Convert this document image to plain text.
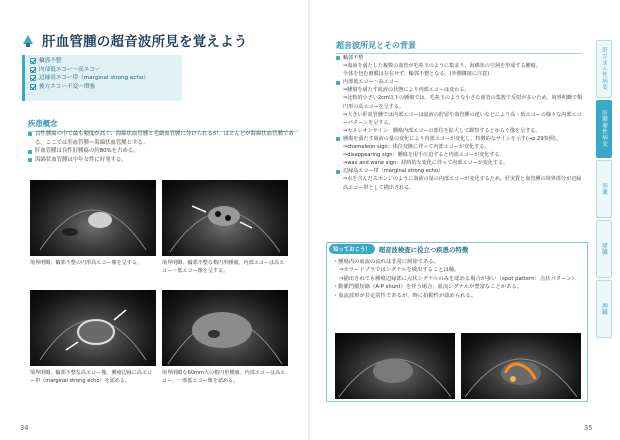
肝血管腫の超音波所見を覚えよう
輪郭不整
内部低エコー〜高エコー
辺縁高エコー帯（marginal strong echo）
後方エコー不変〜増強
疾患概念
良性腫瘍の中で最も頻度が高く、海綿状血管腫と毛細血管腫に分けられるが、ほとんどが海綿状血管腫である。ここでは肝血管腫＝海綿状血管腫とする。
肝血管腫は良性肝腫瘍の約80%を占める。
海綿状血管腫は中年女性に好発する。
境界明瞭、輪郭不整の円形高エコー像を呈する。	境界明瞭、輪郭不整な楕円形腫瘤。内部エコーは高エコー〜低エコー像を呈する。
境界明瞭、輪郭不整な高エコー像。腫瘤辺縁に高エコー帯（marginal strong echo）を認める。
境界明瞭な60mm大の楕円形腫瘤。内部エコーは高エコー。一部低エコー像を認める。
34
超音波所見とその背景
輪郭不整
⇒血液を満たした複数の血管が毛糸玉のように集まり、海綿状の空洞を形成する腫瘍。
全体を包む被膜は存在せず、輪郭不整となる。(外側隣接に注意)
内部低エコー〜高エコー
⇒腫瘍を満たす血液の状態により内部エコーは変わる。
⇒比較的小さい2cm以下の腫瘍では、毛糸玉のような小さな血管の集簇で反射が多いため、境界明瞭で類円形の高エコーを呈する。
⇒大きい肝血管腫では内部エコーは血液の貯留や血管腫の違いなどにより高・低エコーの様々な内部エコーパターンを呈する。
⇒カメレオンサイン：腫瘍内部エコーの部位を拡大して観察するとゆらぐ像を呈する。
腫瘍を満たす血液の量の変化により内部エコーが変化し、特徴的なサインを示す(→p.29参照)。
⇒chameleon sign：体位変換に伴って内部エコーが変化する。
⇒disappearing sign：腫瘍を用手圧迫すると内部エコーが変化する。
⇒wax and wane sign：経時的な変化に伴って内部エコーが変化する。
辺縁高エコー帯（marginal strong echo）
⇒水を含んだスポンジのように血液の量の内部エコーが変化するため、肝実質と血管腫の境界部分が辺縁高エコー帯として描出される。
35
知っておこう！	超音波検査に役立つ疾患の特徴
・腫瘍内の血流の流れは非常に緩徐である。
⇒カラードプラではシグナルを検出することは稀。
⇒描出されても腫瘍辺縁部に点状シグナルのみを認める場合が多い（spot pattern：点状パターン）
・動脈門脈短絡（A-P shunt）を伴う場合、血流シグナルが豊富なことがある。
・血流波形が非定常性であるが、時に拍動性が認められる。
肝びまん性病変
肝腫瘤性病変
胆嚢
膵臓
脾臓
